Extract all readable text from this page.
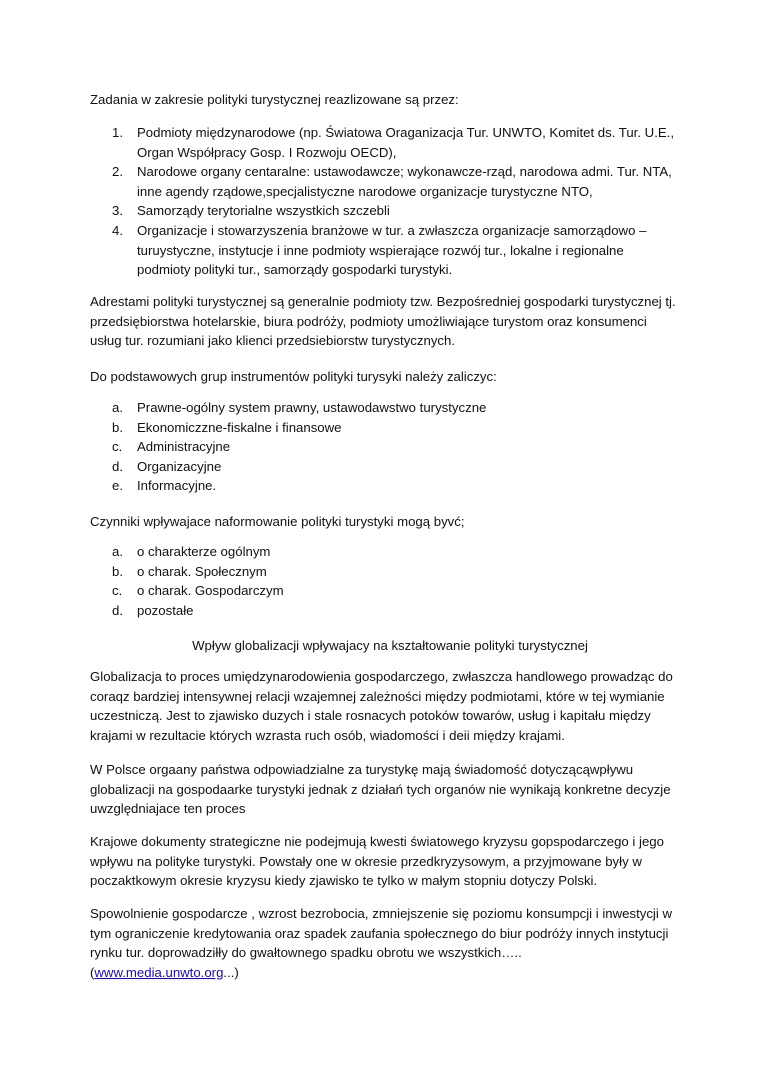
Zadania w zakresie polityki turystycznej reazlizowane są przez:

1. Podmioty międzynarodowe (np. Światowa Oraganizacja Tur. UNWTO, Komitet ds. Tur. U.E.,
Organ Współpracy Gosp. I Rozwoju OECD),
2. Narodowe organy centaralne: ustawodawcze; wykonawcze-rząd, narodowa admi. Tur. NTA,
inne agendy rządowe,specjalistyczne narodowe organizacje turystyczne NTO,
3. Samorządy terytorialne wszystkich szczebli
4. Organizacje i stowarzyszenia branżowe w tur. a zwłaszcza organizacje samorządowo –
turuystyczne, instytucje i inne podmioty wspierające rozwój tur., lokalne i regionalne
podmioty polityki tur., samorządy gospodarki turystyki.
Adrestami polityki turystycznej są generalnie podmioty tzw. Bezpośredniej gospodarki turystycznej tj.
przedsiębiorstwa hotelarskie, biura podróży, podmioty umożliwiające turystom oraz konsumenci
usług tur. rozumiani jako klienci przedsiebiorstw turystycznych.

Do podstawowych grup instrumentów polityki turysyki należy zaliczyc:

a. Prawne-ogólny system prawny, ustawodawstwo turystyczne
b. Ekonomiczzne-fiskalne i finansowe
c. Administracyjne
d. Organizacyjne
e. Informacyjne.

Czynniki wpływajace naformowanie polityki turystyki mogą byvć;

a. o charakterze ogólnym
b. o charak. Społecznym
c. o charak. Gospodarczym
d. pozostałe

Wpływ globalizacji wpływajacy na kształtowanie polityki turystycznej

Globalizacja to proces umiędzynarodowienia gospodarczego, zwłaszcza handlowego prowadząc do
coraqz bardziej intensywnej relacji wzajemnej zależności między podmiotami, które w tej wymianie
uczestniczą. Jest to zjawisko duzych i stale rosnacych potoków towarów, usług i kapitału między
krajami w rezultacie których wzrasta ruch osób, wiadomości i deii między krajami.
W Polsce orgaany państwa odpowiadzialne za turystykę mają świadomość dotyczącąwpływu
globalizacji na gospodaarke turystyki jednak z działań tych organów nie wynikają konkretne decyzje
uwzględniajace ten proces
Krajowe dokumenty strategiczne nie podejmują kwesti światowego kryzysu gopspodarczego i jego
wpływu na polityke turystyki. Powstały one w okresie przedkryzysowym, a przyjmowane były w
poczaktkowym okresie kryzysu kiedy zjawisko te tylko w małym stopniu dotyczy Polski.
Spowolnienie gospodarcze , wzrost bezrobocia, zmniejszenie się poziomu konsumpcji i inwestycji w
tym ograniczenie kredytowania oraz spadek zaufania społecznego do biur podróży innych instytucji
rynku tur. doprowadziłły do gwałtownego spadku obrotu we wszystkich…..
(www.media.unwto.org...)
